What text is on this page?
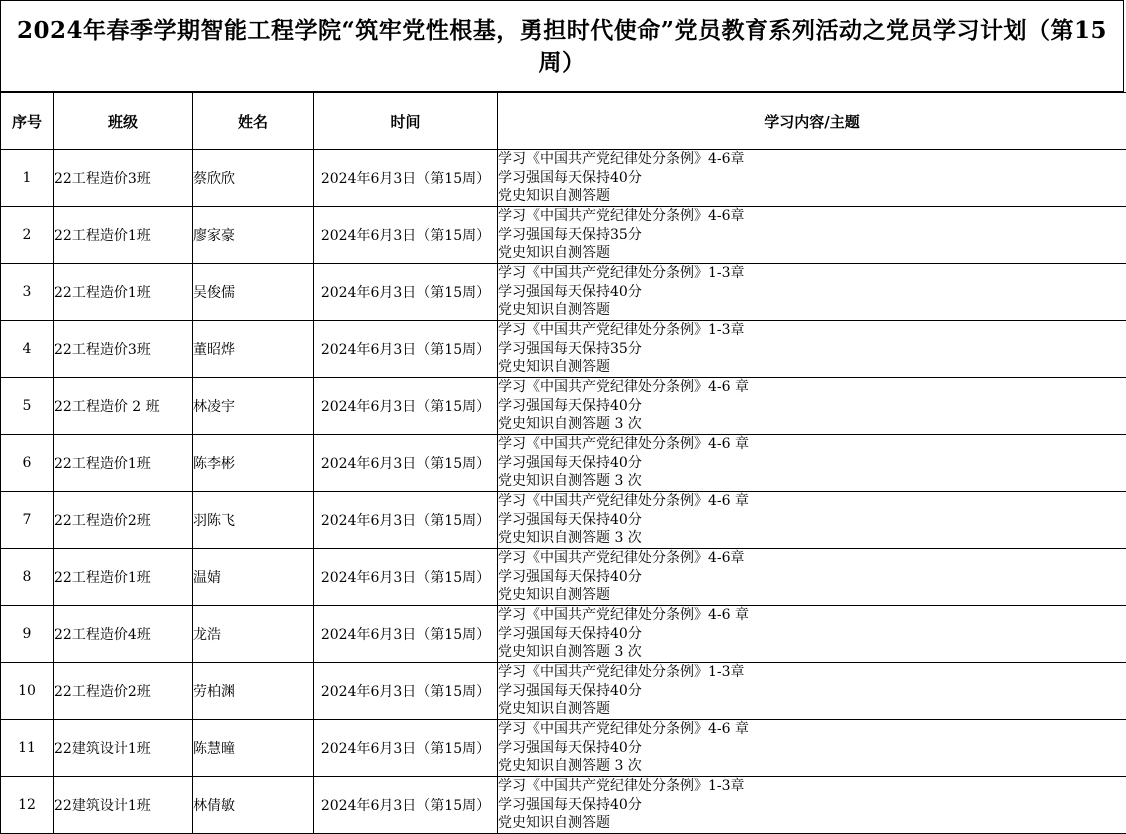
2024年春季学期智能工程学院“筑牢党性根基，勇担时代使命”党员教育系列活动之党员学习计划（第15周）
序号	班级	姓名	时间	学习内容/主题
1	22工程造价3班	蔡欣欣	2024年6月3日（第15周）	学习《中国共产党纪律处分条例》4-6章
学习强国每天保持40分
党史知识自测答题

2	22工程造价1班	廖家豪	2024年6月3日（第15周）	学习《中国共产党纪律处分条例》4-6章
学习强国每天保持35分
党史知识自测答题

3	22工程造价1班	吴俊儒	2024年6月3日（第15周）	学习《中国共产党纪律处分条例》1-3章
学习强国每天保持40分
党史知识自测答题

4	22工程造价3班	董昭烨	2024年6月3日（第15周）	学习《中国共产党纪律处分条例》1-3章
学习强国每天保持35分
党史知识自测答题

5	22工程造价 2 班	林凌宇	2024年6月3日（第15周）	学习《中国共产党纪律处分条例》4-6 章
学习强国每天保持40分
党史知识自测答题 3 次

6	22工程造价1班	陈李彬	2024年6月3日（第15周）	学习《中国共产党纪律处分条例》4-6 章
学习强国每天保持40分
党史知识自测答题 3 次

7	22工程造价2班	羽陈飞	2024年6月3日（第15周）	学习《中国共产党纪律处分条例》4-6 章
学习强国每天保持40分
党史知识自测答题 3 次

8	22工程造价1班	温婧	2024年6月3日（第15周）	学习《中国共产党纪律处分条例》4-6章
学习强国每天保持40分
党史知识自测答题

9	22工程造价4班	龙浩	2024年6月3日（第15周）	学习《中国共产党纪律处分条例》4-6 章
学习强国每天保持40分
党史知识自测答题 3 次

10	22工程造价2班	劳柏渊	2024年6月3日（第15周）	学习《中国共产党纪律处分条例》1-3章
学习强国每天保持40分
党史知识自测答题

11	22建筑设计1班	陈慧曈	2024年6月3日（第15周）	学习《中国共产党纪律处分条例》4-6 章
学习强国每天保持40分
党史知识自测答题 3 次

12	22建筑设计1班	林倩敏	2024年6月3日（第15周）	学习《中国共产党纪律处分条例》1-3章
学习强国每天保持40分
党史知识自测答题
